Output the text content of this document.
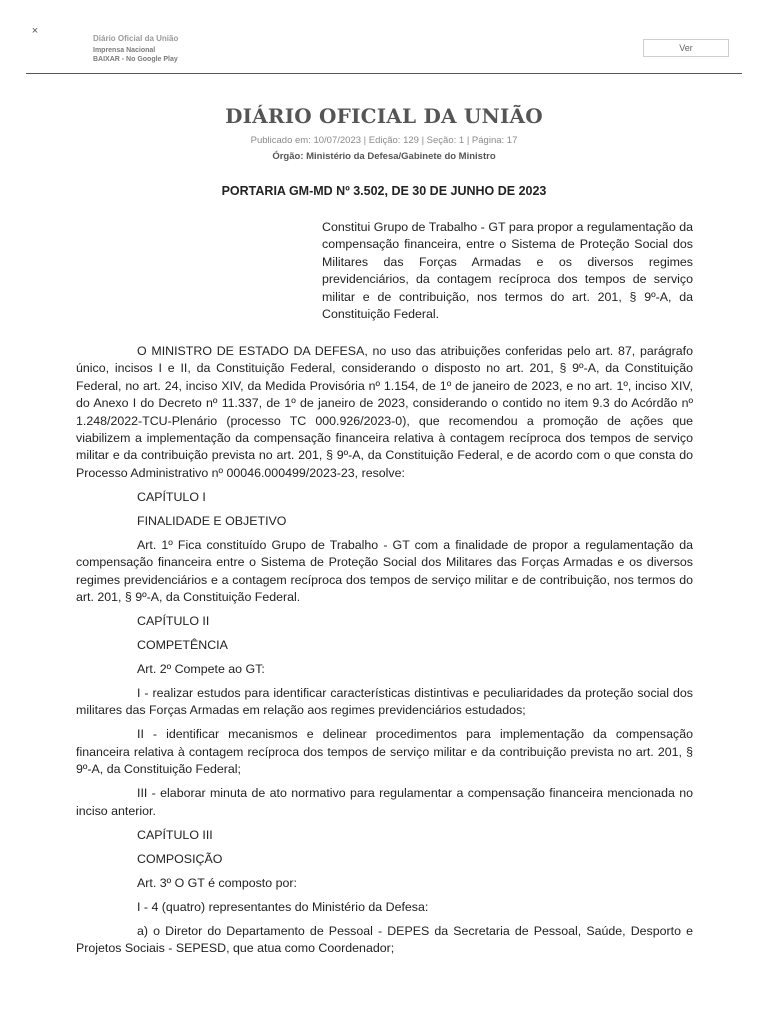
×
Diário Oficial da União
Imprensa Nacional
BAIXAR - No Google Play
Ver
DIÁRIO OFICIAL DA UNIÃO
Publicado em: 10/07/2023 | Edição: 129 | Seção: 1 | Página: 17
Órgão: Ministério da Defesa/Gabinete do Ministro
PORTARIA GM-MD Nº 3.502, DE 30 DE JUNHO DE 2023
Constitui Grupo de Trabalho - GT para propor a regulamentação da compensação financeira, entre o Sistema de Proteção Social dos Militares das Forças Armadas e os diversos regimes previdenciários, da contagem recíproca dos tempos de serviço militar e de contribuição, nos termos do art. 201, § 9º-A, da Constituição Federal.

O MINISTRO DE ESTADO DA DEFESA, no uso das atribuições conferidas pelo art. 87, parágrafo único, incisos I e II, da Constituição Federal, considerando o disposto no art. 201, § 9º-A, da Constituição Federal, no art. 24, inciso XIV, da Medida Provisória nº 1.154, de 1º de janeiro de 2023, e no art. 1º, inciso XIV, do Anexo I do Decreto nº 11.337, de 1º de janeiro de 2023, considerando o contido no item 9.3 do Acórdão nº 1.248/2022-TCU-Plenário (processo TC 000.926/2023-0), que recomendou a promoção de ações que viabilizem a implementação da compensação financeira relativa à contagem recíproca dos tempos de serviço militar e da contribuição prevista no art. 201, § 9º-A, da Constituição Federal, e de acordo com o que consta do Processo Administrativo nº 00046.000499/2023-23, resolve:

CAPÍTULO I

FINALIDADE E OBJETIVO

Art. 1º Fica constituído Grupo de Trabalho - GT com a finalidade de propor a regulamentação da compensação financeira entre o Sistema de Proteção Social dos Militares das Forças Armadas e os diversos regimes previdenciários e a contagem recíproca dos tempos de serviço militar e de contribuição, nos termos do art. 201, § 9º-A, da Constituição Federal.

CAPÍTULO II

COMPETÊNCIA

Art. 2º Compete ao GT:

I - realizar estudos para identificar características distintivas e peculiaridades da proteção social dos militares das Forças Armadas em relação aos regimes previdenciários estudados;

II - identificar mecanismos e delinear procedimentos para implementação da compensação financeira relativa à contagem recíproca dos tempos de serviço militar e da contribuição prevista no art. 201, § 9º-A, da Constituição Federal;

III - elaborar minuta de ato normativo para regulamentar a compensação financeira mencionada no inciso anterior.

CAPÍTULO III

COMPOSIÇÃO

Art. 3º O GT é composto por:

I - 4 (quatro) representantes do Ministério da Defesa:

a) o Diretor do Departamento de Pessoal - DEPES da Secretaria de Pessoal, Saúde, Desporto e Projetos Sociais - SEPESD, que atua como Coordenador;
